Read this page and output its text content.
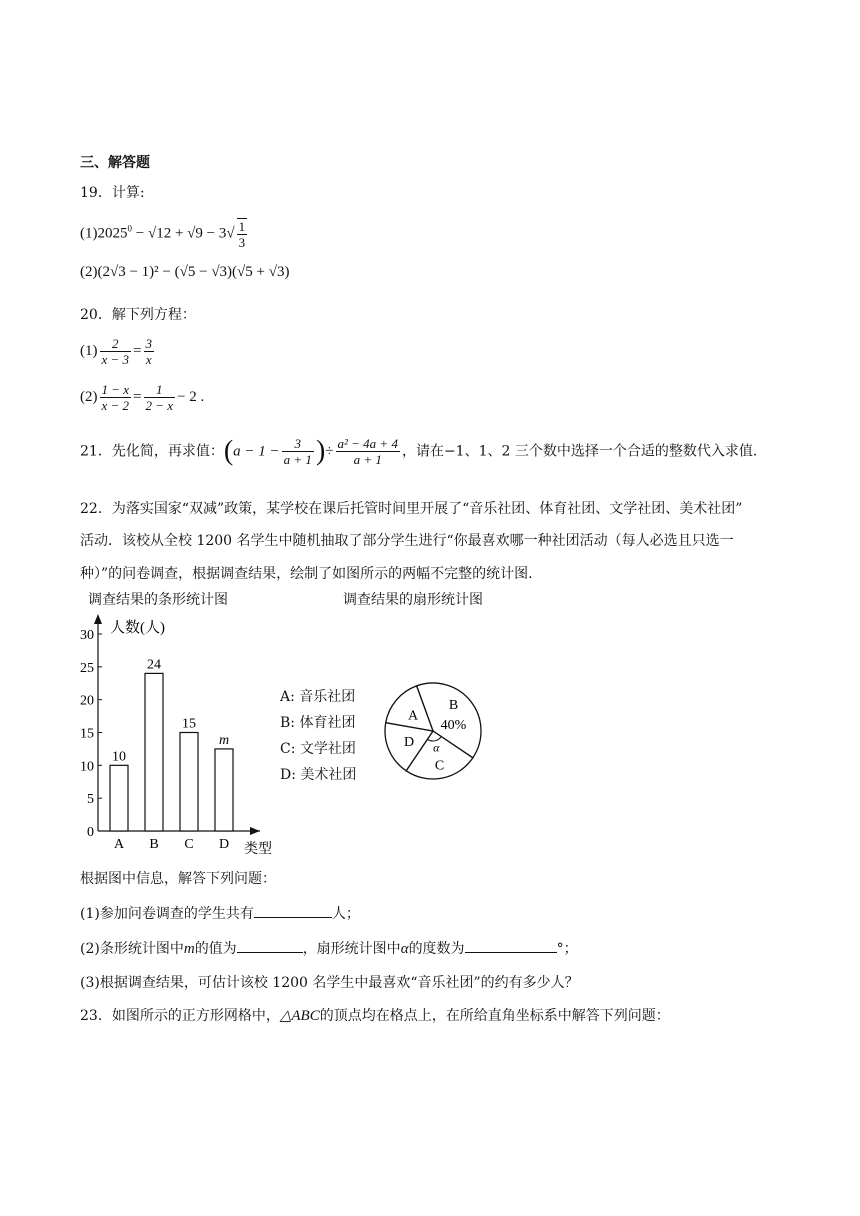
三、解答题
19．计算:
$(1)2025^0 - √12 + √9 - 3√ \frac{1}{3}$
(2)(2√3 − 1)² − (√5 − √3)(√5 + √3)
20．解下列方程：
$(1) \frac{2}{x - 3} = \frac{3}{x}$
$(2) \frac{1 - x}{x - 2} = \frac{1}{2 - x} - 2$ .
21．先化简，再求值：($a - 1 - \frac{3}{a + 1}$ )÷ $\frac{\text{a² − 4a + 4}}{a + 1}$ ，请在−1、1、2 三个数中选择一个合适的整数代入求值.
22．为落实国家“双减”政策，某学校在课后托管时间里开展了“音乐社团、体育社团、文学社团、美术社团”
活动．该校从全校 1200 名学生中随机抽取了部分学生进行“你最喜欢哪一种社团活动（每人必选且只选一
种）”的问卷调查，根据调查结果，绘制了如图所示的两幅不完整的统计图.
调查结果的条形统计图	调查结果的扇形统计图
0
5
10
15
20
25
30 人数(人)
类型
10
A
24
B
15
C
m
D
A: 音乐社团
B: 体育社团
C: 文学社团
D: 美术社团
B
C
D
A
40%
α
根据图中信息，解答下列问题：
(1)参加问卷调查的学生共有	人；
(2)条形统计图中m的值为	，扇形统计图中α的度数为	°；
(3)根据调查结果，可估计该校 1200 名学生中最喜欢“音乐社团”的约有多少人？
23．如图所示的正方形网格中，△ABC的顶点均在格点上，在所给直角坐标系中解答下列问题：
